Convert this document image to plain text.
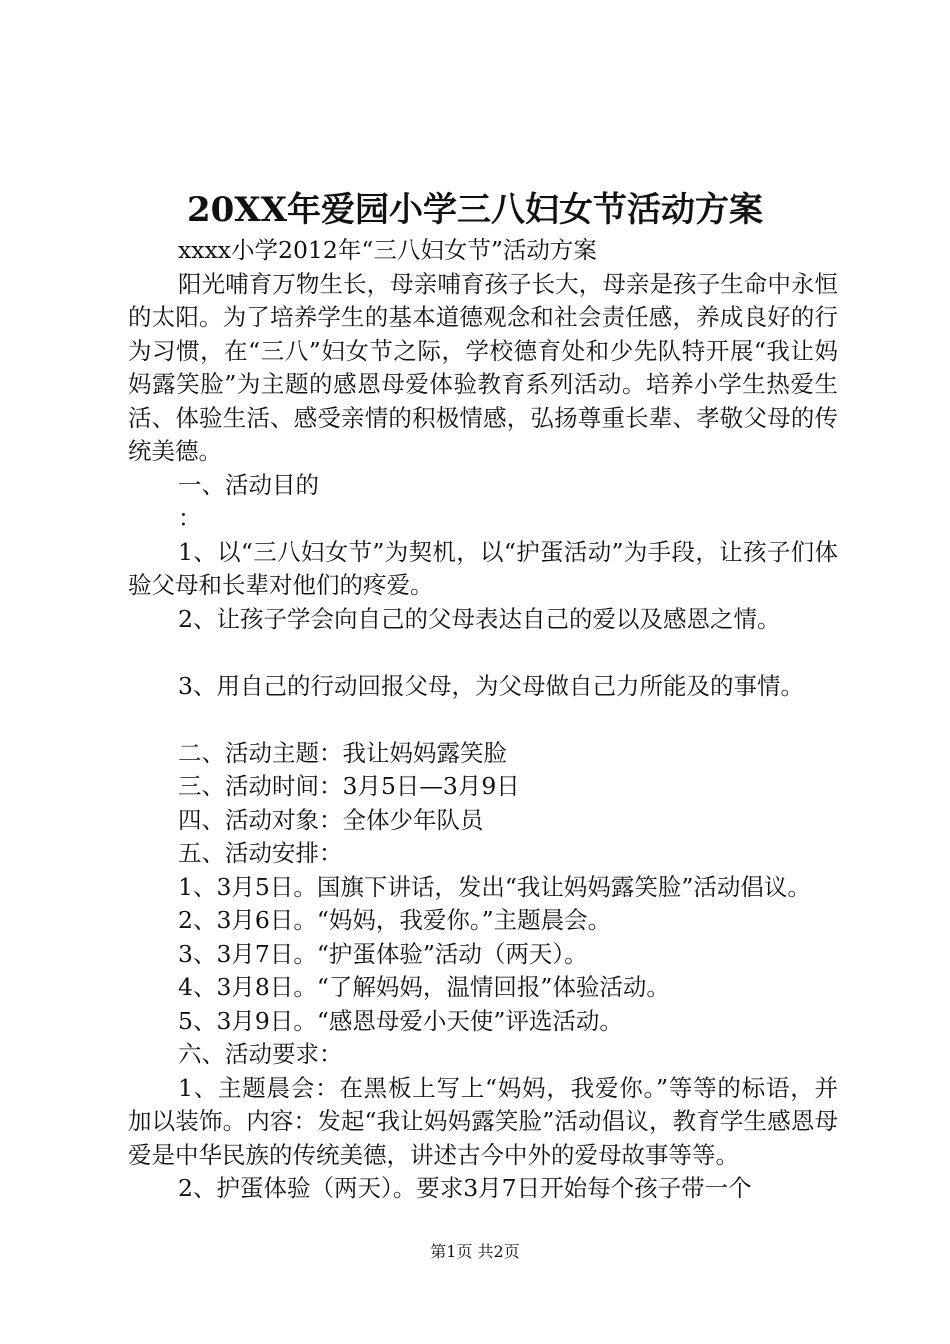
20XX年爱园小学三八妇女节活动方案

xxxx小学2012年“三八妇女节”活动方案

阳光哺育万物生长，母亲哺育孩子长大，母亲是孩子生命中永恒的太阳。为了培养学生的基本道德观念和社会责任感，养成良好的行为习惯，在“三八”妇女节之际，学校德育处和少先队特开展“我让妈妈露笑脸”为主题的感恩母爱体验教育系列活动。培养小学生热爱生活、体验生活、感受亲情的积极情感，弘扬尊重长辈、孝敬父母的传统美德。

一、活动目的

：

1、以“三八妇女节”为契机，以“护蛋活动”为手段，让孩子们体验父母和长辈对他们的疼爱。

2、让孩子学会向自己的父母表达自己的爱以及感恩之情。

3、用自己的行动回报父母，为父母做自己力所能及的事情。

二、活动主题：我让妈妈露笑脸

三、活动时间：3月5日—3月9日

四、活动对象：全体少年队员

五、活动安排：

1、3月5日。国旗下讲话，发出“我让妈妈露笑脸”活动倡议。

2、3月6日。“妈妈，我爱你。”主题晨会。

3、3月7日。“护蛋体验”活动（两天）。

4、3月8日。“了解妈妈，温情回报”体验活动。

5、3月9日。“感恩母爱小天使”评选活动。

六、活动要求：

1、主题晨会：在黑板上写上“妈妈，我爱你。”等等的标语，并加以装饰。内容：发起“我让妈妈露笑脸”活动倡议，教育学生感恩母爱是中华民族的传统美德，讲述古今中外的爱母故事等等。

2、护蛋体验（两天）。要求3月7日开始每个孩子带一个

第1页 共2页
